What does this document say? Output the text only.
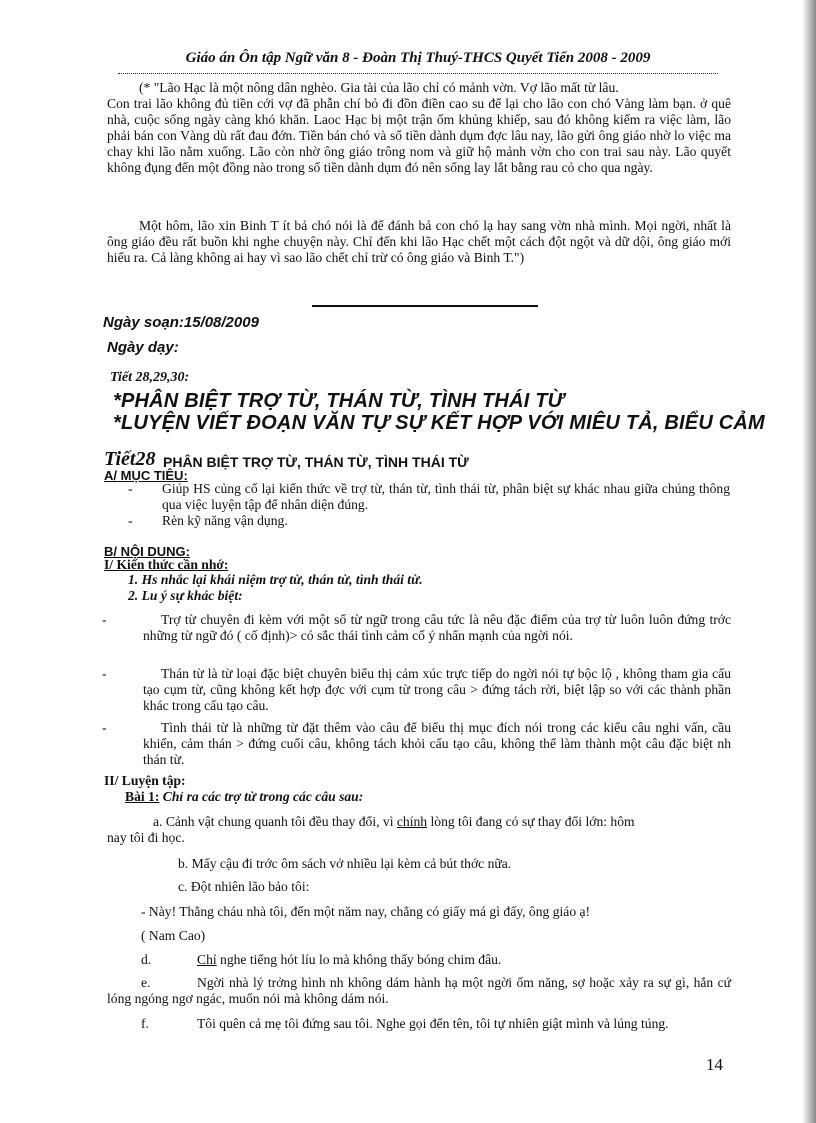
Giáo án Ôn tập Ngữ văn 8 - Đoàn Thị Thuý-THCS Quyết Tiến 2008 - 2009

(* "Lão Hạc là một nông dân nghèo. Gia tài của lão chỉ có mảnh vờn. Vợ lão mất từ lâu.

Con trai lão không đủ tiền cới vợ đã phẫn chí bỏ đi đồn điền cao su để lại cho lão con chó Vàng làm bạn. ở quê nhà, cuộc sống ngày càng khó khăn. Laoc Hạc bị một trận ốm khủng khiếp, sau đó không kiếm ra việc làm, lão phải bán con Vàng dù rất đau đớn. Tiền bán chó và số tiền dành dụm đợc lâu nay, lão gửi ông giáo nhờ lo việc ma chay khi lão nằm xuống. Lão còn nhờ ông giáo trông nom và giữ hộ mảnh vờn cho con trai sau này. Lão quyết không đụng đến một đồng nào trong số tiền dành dụm đó nên sống lay lắt bằng rau cỏ cho qua ngày.

Một hôm, lão xin Binh T ít bả chó nói là để đánh bả con chó lạ hay sang vờn nhà mình. Mọi ngời, nhất là ông giáo đều rất buồn khi nghe chuyện này. Chỉ đến khi lão Hạc chết một cách đột ngột và dữ dội, ông giáo mới hiểu ra. Cả làng không ai hay vì sao lão chết chỉ trừ có ông giáo và Binh T.")
Ngày soạn:15/08/2009
Ngày dạy:
Tiết 28,29,30:
*PHÂN BIỆT TRỢ TỪ, THÁN TỪ, TÌNH THÁI TỪ
*LUYỆN VIẾT ĐOẠN VĂN TỰ SỰ KẾT HỢP VỚI MIÊU TẢ, BIỂU CẢM
Tiết28 PHÂN BIỆT TRỢ TỪ, THÁN TỪ, TÌNH THÁI TỪ
A/ MỤC TIÊU:
- Giúp HS củng cố lại kiến thức về trợ từ, thán từ, tình thái từ, phân biệt sự khác nhau giữa chúng thông qua việc luyện tập để nhân diện đúng.
- Rèn kỹ năng vận dụng.
B/ NỘI DUNG:
I/ Kiến thức cần nhớ:
1. Hs nhắc lại khái niệm trợ từ, thán từ, tình thái từ.
2. Lu ý sự khác biệt:
-	Trợ từ chuyên đi kèm với một số từ ngữ trong câu tức là nêu đặc điểm của trợ từ luôn luôn đứng trớc những từ ngữ đó ( cố định)> có sắc thái tình cảm cố ý nhấn mạnh của ngời nói.
-	Thán từ là từ loại đặc biệt chuyên biểu thị cảm xúc trực tiếp do ngời nói tự bộc lộ , không tham gia cấu tạo cụm từ, cũng không kết hợp đợc với cụm từ trong câu > đứng tách rời, biệt lập so với các thành phần khác trong cấu tạo câu.
-	Tình thái từ là những từ đặt thêm vào câu để biểu thị mục đích nói trong các kiểu câu nghi vấn, cầu khiến, cảm thán > đứng cuối câu, không tách khỏi cấu tạo câu, không thể làm thành một câu đặc biệt nh thán từ.
II/ Luyện tập:
Bài 1: Chỉ ra các trợ từ trong các câu sau:

a. Cảnh vật chung quanh tôi đều thay đổi, vì chính lòng tôi đang có sự thay đổi lớn: hôm

nay tôi đi học.

b. Mấy cậu đi trớc ôm sách vở nhiều lại kèm cả bút thớc nữa.
c. Đột nhiên lão bảo tôi:
- Này! Thằng cháu nhà tôi, đến một năm nay, chẳng có giấy má gì đấy, ông giáo ạ!
( Nam Cao)
d.	Chỉ nghe tiếng hót líu lo mà không thấy bóng chim đâu.
e.	Ngời nhà lý trởng hình nh không dám hành hạ một ngời ốm năng, sợ hoặc xảy ra sự gì, hắn cứ lóng ngóng ngơ ngác, muốn nói mà không dám nói.
f.	Tôi quên cả mẹ tôi đứng sau tôi. Nghe gọi đến tên, tôi tự nhiên giật mình và lúng túng.
14
